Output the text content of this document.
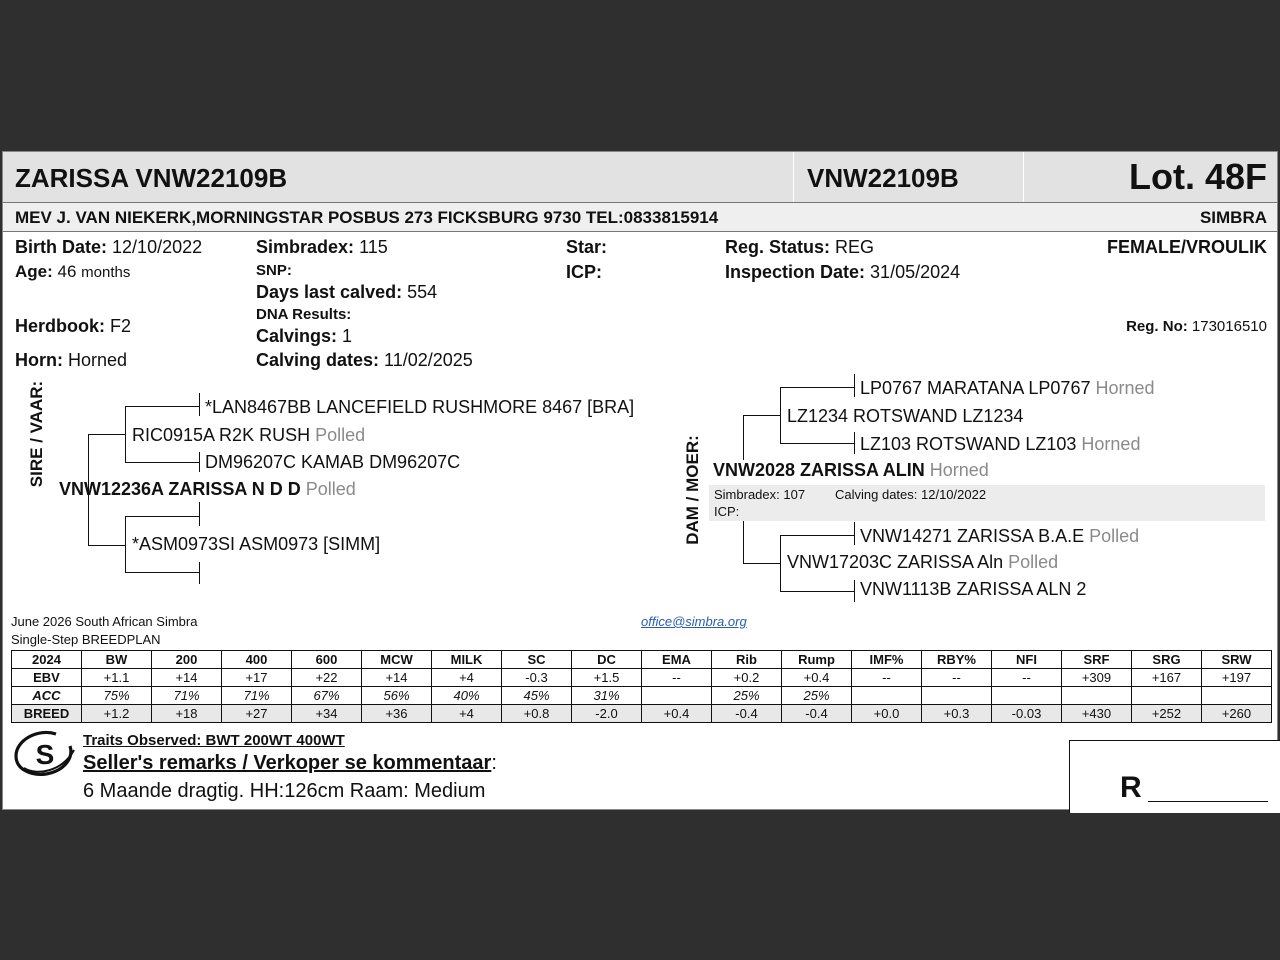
ZARISSA VNW22109B	VNW22109B	Lot. 48F
MEV J. VAN NIEKERK,MORNINGSTAR POSBUS 273 FICKSBURG 9730 TEL:0833815914	SIMBRA
Birth Date: 12/10/2022
Age: 46 months
Herdbook: F2
Horn: Horned
Simbradex: 115
SNP:
Days last calved: 554
DNA Results:
Calvings: 1
Calving dates: 11/02/2025
Star:
ICP:
Reg. Status: REG
Inspection Date: 31/05/2024
FEMALE/VROULIK
Reg. No: 173016510
SIRE / VAAR:	*LAN8467BB LANCEFIELD RUSHMORE 8467 [BRA]
RIC0915A R2K RUSH Polled
DM96207C KAMAB DM96207C
VNW12236A ZARISSA N D D Polled
*ASM0973SI ASM0973 [SIMM]	DAM / MOER:
LP0767 MARATANA LP0767 Horned
LZ1234 ROTSWAND LZ1234
LZ103 ROTSWAND LZ103 Horned
VNW2028 ZARISSA ALIN Horned
Simbradex: 107 Calving dates: 12/10/2022
ICP:
VNW14271 ZARISSA B.A.E Polled
VNW17203C ZARISSA Aln Polled
VNW1113B ZARISSA ALN 2
June 2026 South African Simbra
Single-Step BREEDPLAN
office@simbra.org
2024	BW	200	400	600	MCW	MILK	SC	DC	EMA	Rib	Rump	IMF%	RBY%	NFI	SRF	SRG	SRW
EBV	+1.1	+14	+17	+22	+14	+4	-0.3	+1.5	--	+0.2	+0.4	--	--	--	+309	+167	+197
ACC	75%	71%	71%	67%	56%	40%	45%	31%		25%	25%						
BREED	+1.2	+18	+27	+34	+36	+4	+0.8	-2.0	+0.4	-0.4	-0.4	+0.0	+0.3	-0.03	+430	+252	+260
S Traits Observed: BWT 200WT 400WT
Seller's remarks / Verkoper se kommentaar:
6 Maande dragtig. HH:126cm Raam: Medium	R
